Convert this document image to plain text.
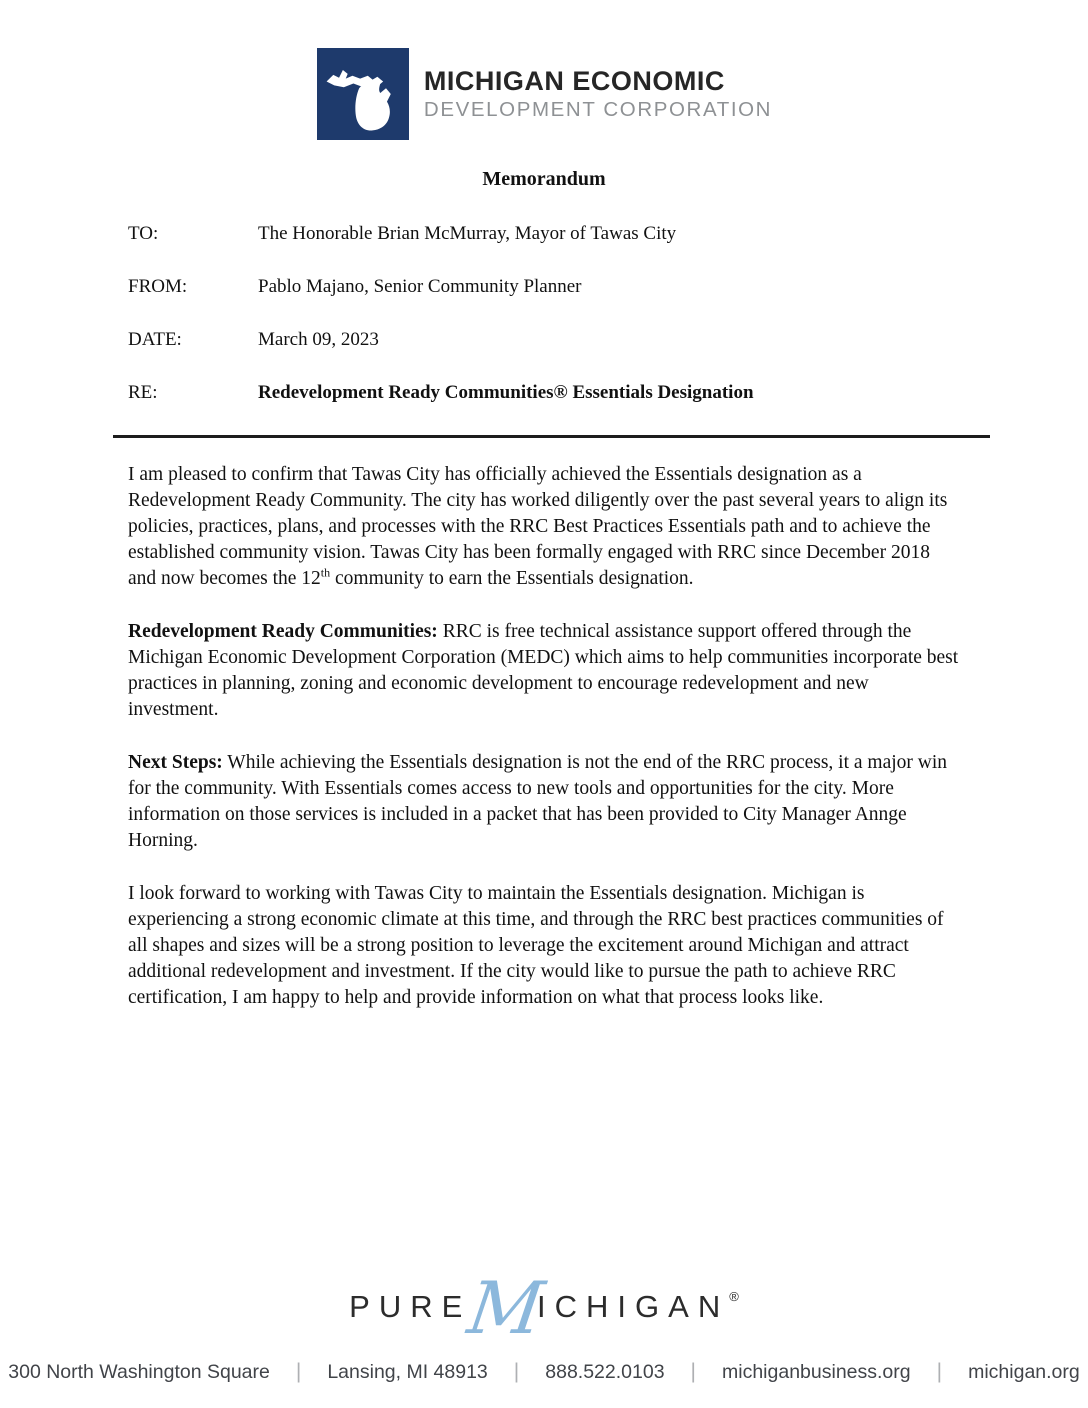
MICHIGAN ECONOMIC
DEVELOPMENT CORPORATION
Memorandum
TO:	The Honorable Brian McMurray, Mayor of Tawas City
FROM:	Pablo Majano, Senior Community Planner
DATE:	March 09, 2023
RE:	Redevelopment Ready Communities® Essentials Designation

I am pleased to confirm that Tawas City has officially achieved the Essentials designation as a Redevelopment Ready Community. The city has worked diligently over the past several years to align its policies, practices, plans, and processes with the RRC Best Practices Essentials path and to achieve the established community vision. Tawas City has been formally engaged with RRC since December 2018 and now becomes the 12th community to earn the Essentials designation.

Redevelopment Ready Communities: RRC is free technical assistance support offered through the Michigan Economic Development Corporation (MEDC) which aims to help communities incorporate best practices in planning, zoning and economic development to encourage redevelopment and new investment.

Next Steps: While achieving the Essentials designation is not the end of the RRC process, it a major win for the community. With Essentials comes access to new tools and opportunities for the city. More information on those services is included in a packet that has been provided to City Manager Annge Horning.

I look forward to working with Tawas City to maintain the Essentials designation. Michigan is experiencing a strong economic climate at this time, and through the RRC best practices communities of all shapes and sizes will be a strong position to leverage the excitement around Michigan and attract additional redevelopment and investment. If the city would like to pursue the path to achieve RRC certification, I am happy to help and provide information on what that process looks like.

PUREMICHIGAN®
300 North Washington Square | Lansing, MI 48913 | 888.522.0103 | michiganbusiness.org | michigan.org
